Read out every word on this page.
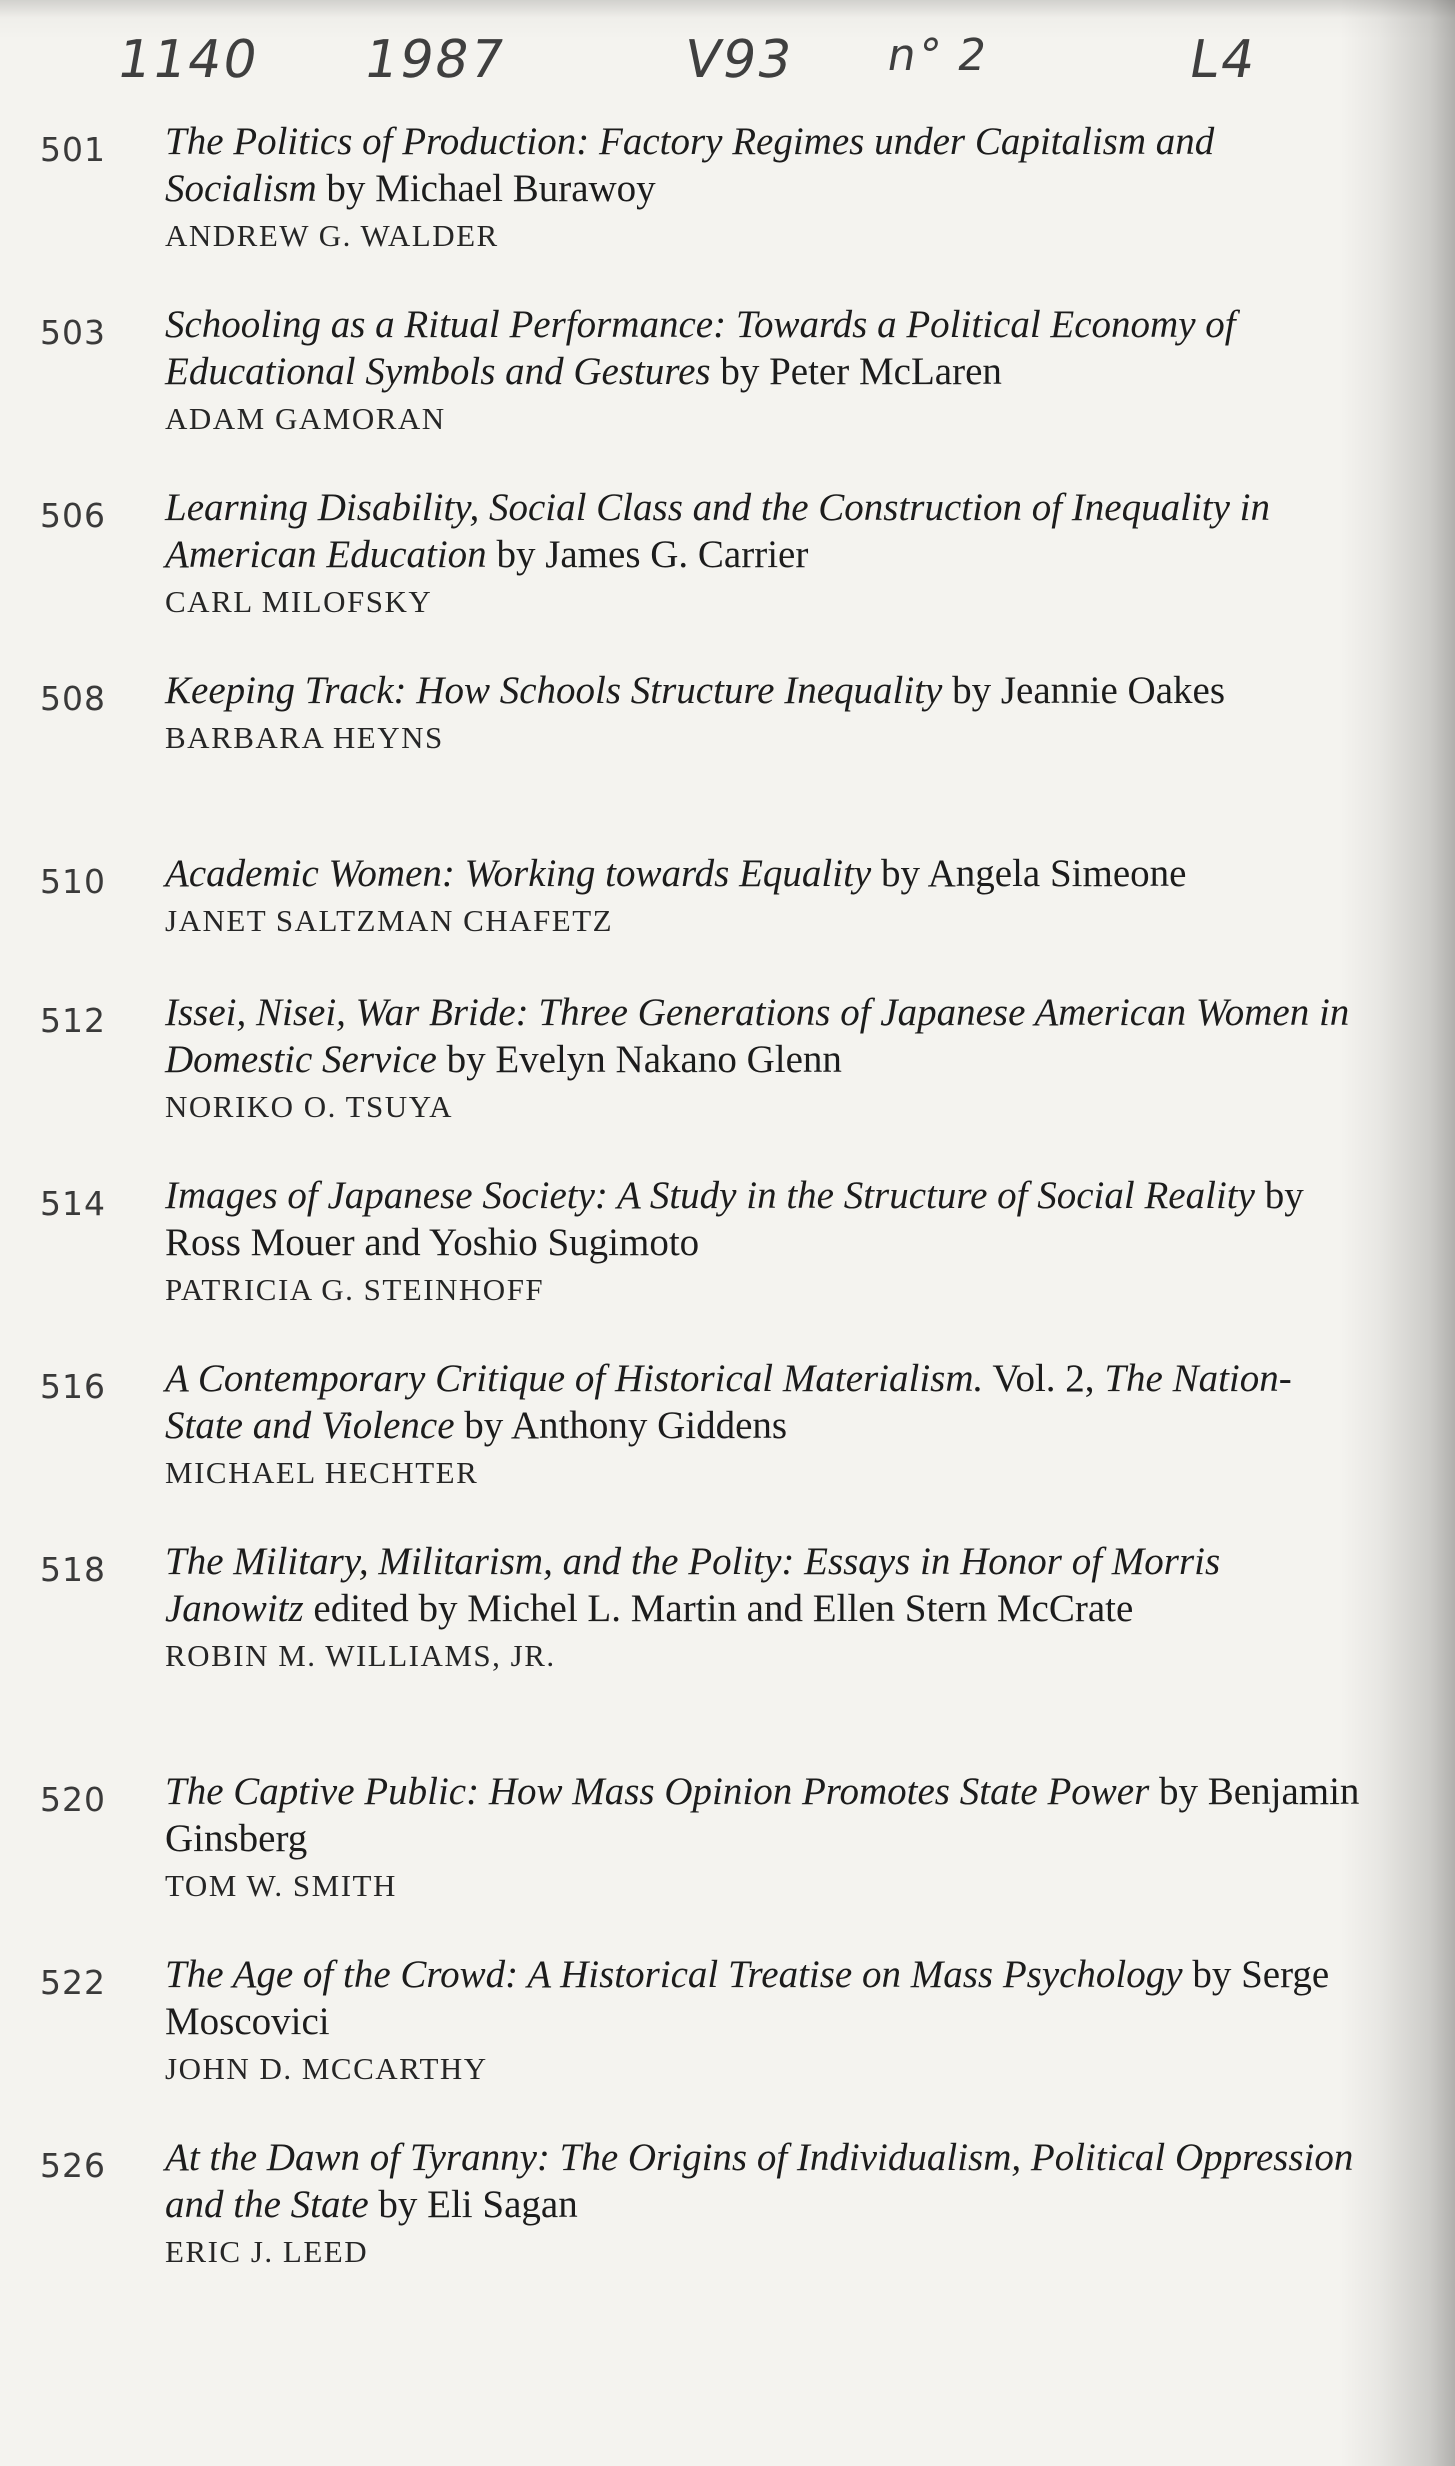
1140 1987	V93 n° 2	L4
501 The Politics of Production: Factory Regimes under Capitalism and Socialism by Michael Burawoy
ANDREW G. WALDER
503 Schooling as a Ritual Performance: Towards a Political Economy of Educational Symbols and Gestures by Peter McLaren
ADAM GAMORAN
506 Learning Disability, Social Class and the Construction of Inequality in American Education by James G. Carrier
CARL MILOFSKY
508 Keeping Track: How Schools Structure Inequality by Jeannie Oakes
BARBARA HEYNS
510 Academic Women: Working towards Equality by Angela Simeone
JANET SALTZMAN CHAFETZ
512 Issei, Nisei, War Bride: Three Generations of Japanese American Women in Domestic Service by Evelyn Nakano Glenn
NORIKO O. TSUYA
514 Images of Japanese Society: A Study in the Structure of Social Reality by Ross Mouer and Yoshio Sugimoto
PATRICIA G. STEINHOFF
516 A Contemporary Critique of Historical Materialism. Vol. 2, The Nation-State and Violence by Anthony Giddens
MICHAEL HECHTER
518 The Military, Militarism, and the Polity: Essays in Honor of Morris Janowitz edited by Michel L. Martin and Ellen Stern McCrate
ROBIN M. WILLIAMS, JR.
520 The Captive Public: How Mass Opinion Promotes State Power by Benjamin Ginsberg
TOM W. SMITH
522 The Age of the Crowd: A Historical Treatise on Mass Psychology by Serge Moscovici
JOHN D. MCCARTHY
526 At the Dawn of Tyranny: The Origins of Individualism, Political Oppression and the State by Eli Sagan
ERIC J. LEED
